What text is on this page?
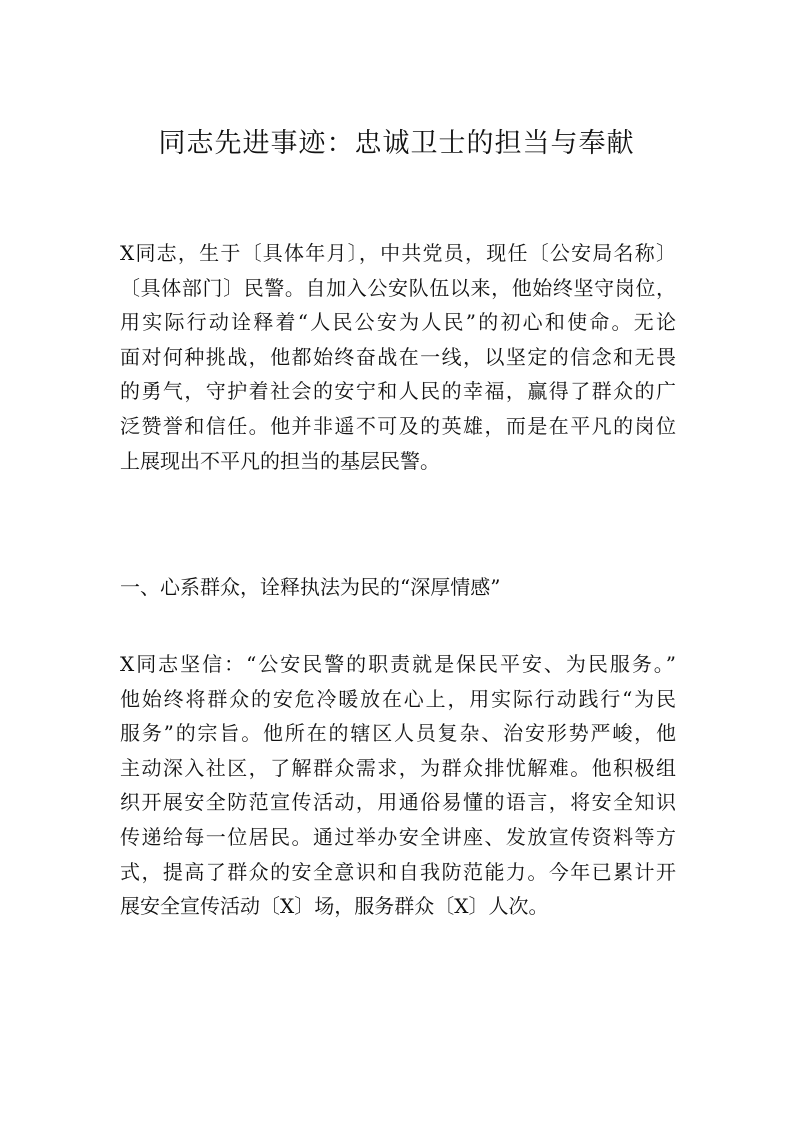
同志先进事迹：忠诚卫士的担当与奉献
X同志，生于〔具体年月〕，中共党员，现任〔公安局名称〕
〔具体部门〕民警。自加入公安队伍以来，他始终坚守岗位，
用实际行动诠释着“人民公安为人民”的初心和使命。无论
面对何种挑战，他都始终奋战在一线，以坚定的信念和无畏
的勇气，守护着社会的安宁和人民的幸福，赢得了群众的广
泛赞誉和信任。他并非遥不可及的英雄，而是在平凡的岗位
上展现出不平凡的担当的基层民警。
一、心系群众，诠释执法为民的“深厚情感”
X同志坚信：“公安民警的职责就是保民平安、为民服务。”
他始终将群众的安危冷暖放在心上，用实际行动践行“为民
服务”的宗旨。他所在的辖区人员复杂、治安形势严峻，他
主动深入社区，了解群众需求，为群众排忧解难。他积极组
织开展安全防范宣传活动，用通俗易懂的语言，将安全知识
传递给每一位居民。通过举办安全讲座、发放宣传资料等方
式，提高了群众的安全意识和自我防范能力。今年已累计开
展安全宣传活动〔X〕场，服务群众〔X〕人次。
